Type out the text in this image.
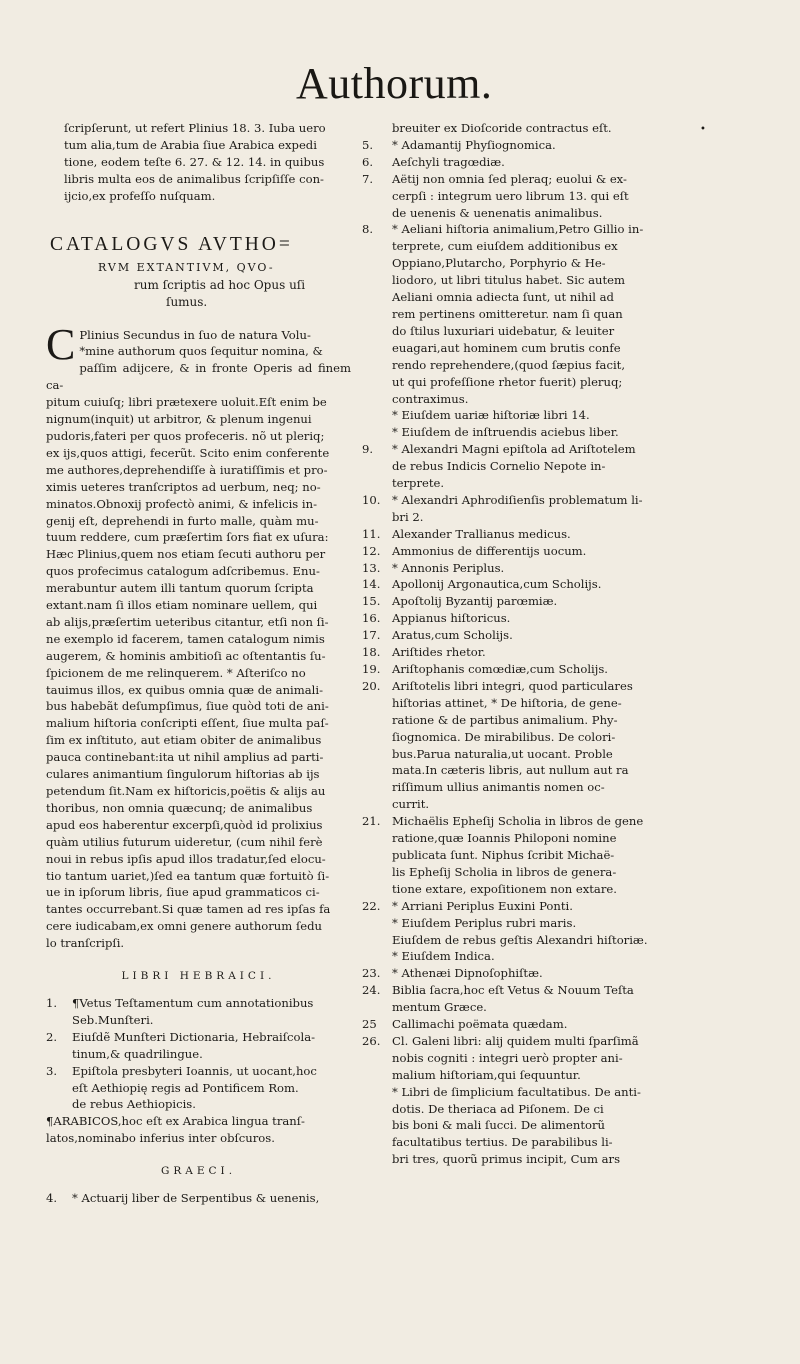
Authorum.
•
ſcripſerunt, ut refert Plinius 18. 3. Iuba uero
tum alia,tum de Arabia ſiue Arabica expedi
tione, eodem teſte 6. 27. & 12. 14. in quibus
libris multa eos de animalibus ſcripſiſſe con-
ijcio,ex profeſſo nuſquam.
CATALOGVS AVTHO=
RVM EXTANTIVM, QVO-
rum ſcriptis ad hoc Opus uſi
ſumus.
C Plinius Secundus in ſuo de natura Volu-
*mine authorum quos ſequitur nomina, &
paſſim adijcere, & in fronte Operis ad finem ca-
pitum cuiuſq; libri prætexere uoluit.Eſt enim be
nignum(inquit) ut arbitror, & plenum ingenui
pudoris,fateri per quos profeceris. nõ ut pleriq;
ex ijs,quos attigi, fecerũt. Scito enim conferente
me authores,deprehendiſſe à iuratiſſimis et pro-
ximis ueteres tranſcriptos ad uerbum, neq; no-
minatos.Obnoxij profectò animi, & infelicis in-
genij eſt, deprehendi in furto malle, quàm mu-
tuum reddere, cum præſertim ſors fiat ex uſura:
Hæc Plinius,quem nos etiam ſecuti authoru per
quos profecimus catalogum adſcribemus. Enu-
merabuntur autem illi tantum quorum ſcripta
extant.nam ſi illos etiam nominare uellem, qui
ab alijs,præſertim ueteribus citantur, etſi non ſi-
ne exemplo id facerem, tamen catalogum nimis
augerem, & hominis ambitioſi ac oſtentantis ſu-
ſpicionem de me relinquerem. * Aſteriſco no
tauimus illos, ex quibus omnia quæ de animali-
bus habebãt deſumpſimus, ſiue quòd toti de ani-
malium hiſtoria conſcripti eſſent, ſiue multa paſ-
ſim ex inſtituto, aut etiam obiter de animalibus
pauca continebant:ita ut nihil amplius ad parti-
culares animantium ſingulorum hiſtorias ab ijs
petendum ſit.Nam ex hiſtoricis,poëtis & alijs au
thoribus, non omnia quæcunq; de animalibus
apud eos haberentur excerpſi,quòd id prolixius
quàm utilius futurum uideretur, (cum nihil ferè
noui in rebus ipſis apud illos tradatur,ſed elocu-
tio tantum uariet,)ſed ea tantum quæ fortuitò ſi-
ue in ipſorum libris, ſiue apud grammaticos ci-
tantes occurrebant.Si quæ tamen ad res ipſas fa
cere iudicabam,ex omni genere authorum ſedu
lo tranſcripſi.
LIBRI HEBRAICI.
1.	¶Vetus Teſtamentum cum annotationibus
Seb.Munſteri.
2.	Eiuſdẽ Munſteri Dictionaria, Hebraiſcola-
tinum,& quadrilingue.
3.	Epiſtola presbyteri Ioannis, ut uocant,hoc
eſt Aethiopię regis ad Pontificem Rom.
de rebus Aethiopicis.
¶ARABICOS,hoc eſt ex Arabica lingua tranſ-
latos,nominabo inferius inter obſcuros.
GRAECI.
4.	* Actuarij liber de Serpentibus & uenenis,
breuiter ex Dioſcoride contractus eſt.
5.	* Adamantij Phyſiognomica.
6.	Aeſchyli tragœdiæ.
7.	Aëtij non omnia ſed pleraq; euolui & ex-
cerpſi : integrum uero librum 13. qui eſt
de uenenis & uenenatis animalibus.
8.	* Aeliani hiſtoria animalium,Petro Gillio in-
terprete, cum eiuſdem additionibus ex
Oppiano,Plutarcho, Porphyrio & He-
liodoro, ut libri titulus habet. Sic autem
Aeliani omnia adiecta ſunt, ut nihil ad
rem pertinens omitteretur. nam ſi quan
do ſtilus luxuriari uidebatur, & leuiter
euagari,aut hominem cum brutis confe
rendo reprehendere,(quod ſæpius facit,
ut qui profeſſione rhetor fuerit) pleruq;
contraximus.
* Eiuſdem uariæ hiſtoriæ libri 14.
* Eiuſdem de inſtruendis aciebus liber.
9.	* Alexandri Magni epiſtola ad Ariſtotelem
de rebus Indicis Cornelio Nepote in-
terprete.
10. * Alexandri Aphrodiſienſis problematum li-
bri 2.
11. Alexander Trallianus medicus.
12. Ammonius de differentijs uocum.
13. * Annonis Periplus.
14. Apollonij Argonautica,cum Scholijs.
15. Apoſtolij Byzantij parœmiæ.
16. Appianus hiſtoricus.
17. Aratus,cum Scholijs.
18. Ariſtides rhetor.
19. Ariſtophanis comœdiæ,cum Scholijs.
20. Ariſtotelis libri integri, quod particulares
hiſtorias attinet, * De hiſtoria, de gene-
ratione & de partibus animalium. Phy-
ſiognomica. De mirabilibus. De colori-
bus.Parua naturalia,ut uocant. Proble
mata.In cæteris libris, aut nullum aut ra
riſſimum ullius animantis nomen oc-
currit.
21. Michaëlis Epheſij Scholia in libros de gene
ratione,quæ Ioannis Philoponi nomine
publicata ſunt. Niphus ſcribit Michaë-
lis Epheſij Scholia in libros de genera-
tione extare, expoſitionem non extare.
22. * Arriani Periplus Euxini Ponti.
* Eiuſdem Periplus rubri maris.
Eiuſdem de rebus geſtis Alexandri hiſtoriæ.
* Eiuſdem Indica.
23. * Athenæi Dipnoſophiſtæ.
24. Biblia ſacra,hoc eſt Vetus & Nouum Teſta
mentum Græce.
25	Callimachi poëmata quædam.
26. Cl. Galeni libri: alij quidem multi ſparſimã
nobis cogniti : integri uerò propter ani-
malium hiſtoriam,qui ſequuntur.
* Libri de ſimplicium facultatibus. De anti-
dotis. De theriaca ad Piſonem. De ci
bis boni & mali ſucci. De alimentorũ
facultatibus tertius. De parabilibus li-
bri tres, quorũ primus incipit, Cum ars
